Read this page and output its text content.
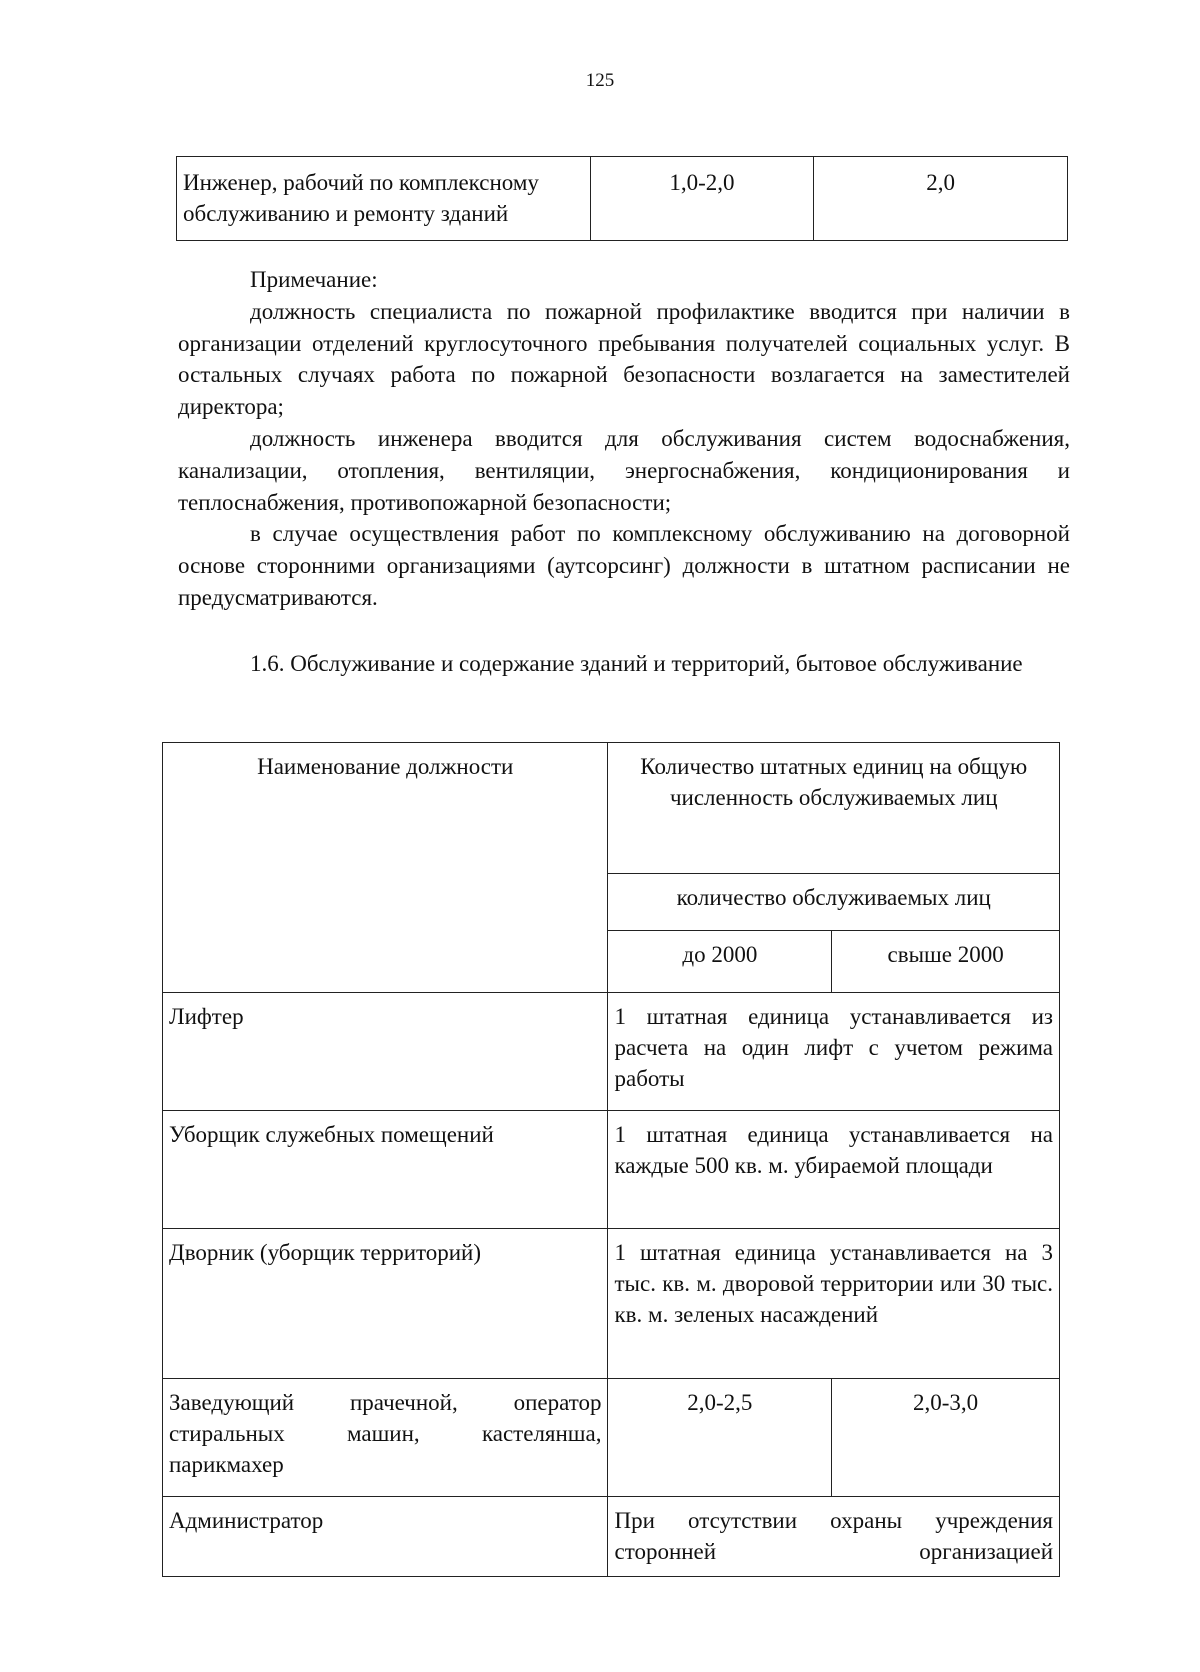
125
Инженер, рабочий по комплексному обслуживанию и ремонту зданий	1,0-2,0	2,0
Примечание:

должность специалиста по пожарной профилактике вводится при наличии в организации отделений круглосуточного пребывания получателей социальных услуг. В остальных случаях работа по пожарной безопасности возлагается на заместителей директора;

должность инженера вводится для обслуживания систем водоснабжения, канализации, отопления, вентиляции, энергоснабжения, кондиционирования и теплоснабжения, противопожарной безопасности;

в случае осуществления работ по комплексному обслуживанию на договорной основе сторонними организациями (аутсорсинг) должности в штатном расписании не предусматриваются.

1.6. Обслуживание и содержание зданий и территорий, бытовое обслуживание

Наименование должности	Количество штатных единиц на общую численность обслуживаемых лиц	
	количество обслуживаемых лиц	
	до 2000	свыше 2000
Лифтер	1 штатная единица устанавливается из расчета на один лифт с учетом режима работы	
Уборщик служебных помещений	1 штатная единица устанавливается на каждые 500 кв. м. убираемой площади	
Дворник (уборщик территорий)	1 штатная единица устанавливается на 3 тыс. кв. м. дворовой территории или 30 тыс. кв. м. зеленых насаждений	
Заведующий прачечной, оператор стиральных машин, кастелянша, парикмахер	2,0-2,5	2,0-3,0
Администратор	При отсутствии охраны учреждения сторонней организацией	
